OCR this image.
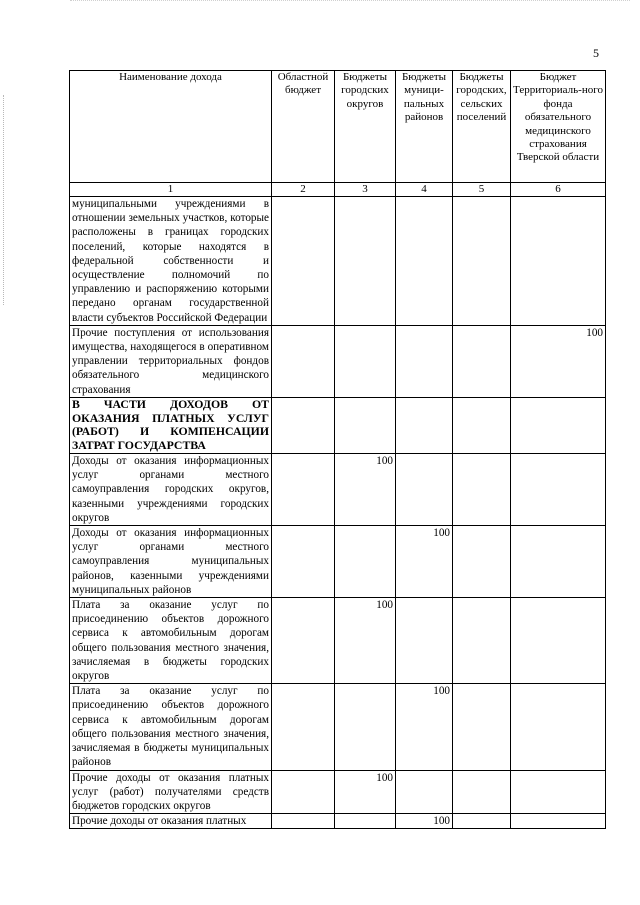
5
Наименование дохода	Областной бюджет	Бюджеты городских округов	Бюджеты муници-пальных районов	Бюджеты городских, сельских поселений	Бюджет Территориаль-ного фонда обязательного медицинского страхования Тверской области
1	2	3	4	5	6
муниципальными учреждениями в отношении земельных участков, которые расположены в границах городских поселений, которые находятся в федеральной собственности и осуществление полномочий по управлению и распоряжению которыми передано органам государственной власти субъектов Российской Федерации					
Прочие поступления от использования имущества, находящегося в оперативном управлении территориальных фондов обязательного медицинского страхования					100
В ЧАСТИ ДОХОДОВ ОТ ОКАЗАНИЯ ПЛАТНЫХ УСЛУГ (РАБОТ) И КОМПЕНСАЦИИ ЗАТРАТ ГОСУДАРСТВА					
Доходы от оказания информационных услуг органами местного самоуправления городских округов, казенными учреждениями городских округов		100			
Доходы от оказания информационных услуг органами местного самоуправления муниципальных районов, казенными учреждениями муниципальных районов			100		
Плата за оказание услуг по присоединению объектов дорожного сервиса к автомобильным дорогам общего пользования местного значения, зачисляемая в бюджеты городских округов		100			
Плата за оказание услуг по присоединению объектов дорожного сервиса к автомобильным дорогам общего пользования местного значения, зачисляемая в бюджеты муниципальных районов			100		
Прочие доходы от оказания платных услуг (работ) получателями средств бюджетов городских округов		100			
Прочие доходы от оказания платных			100		
